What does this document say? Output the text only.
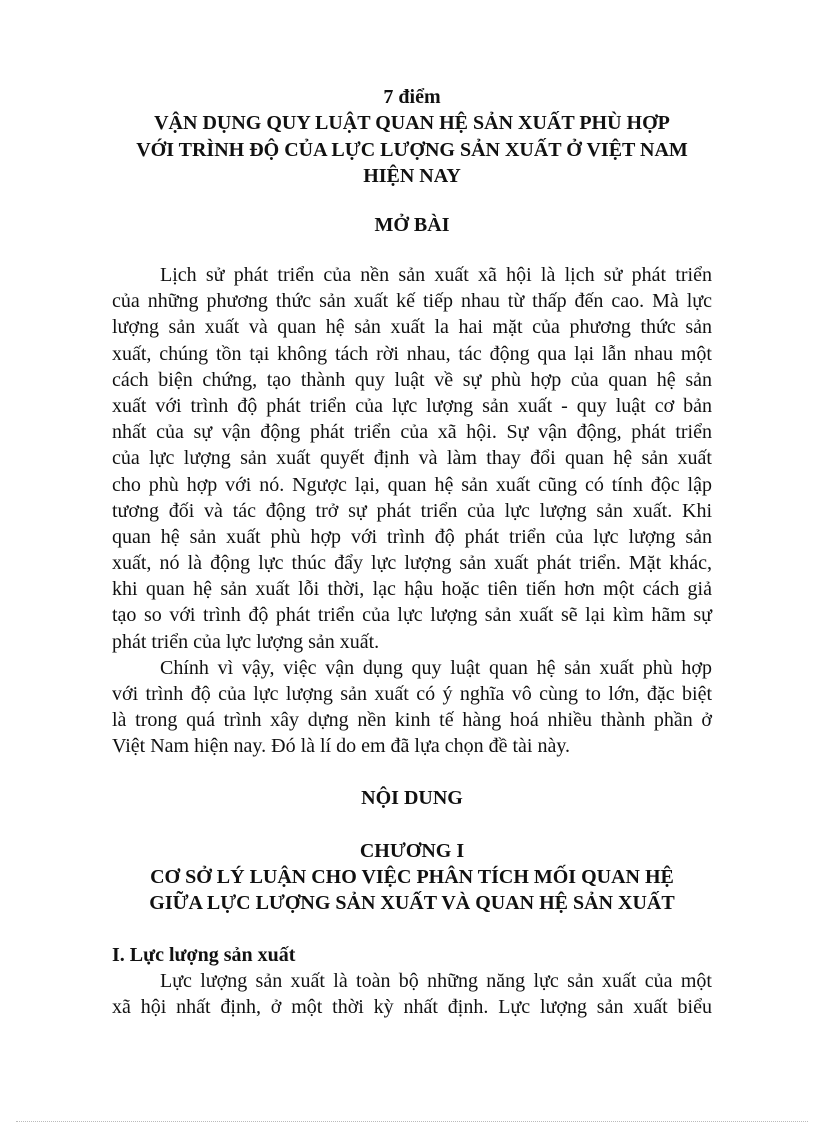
7 điểm
VẬN DỤNG QUY LUẬT QUAN HỆ SẢN XUẤT PHÙ HỢP
VỚI TRÌNH ĐỘ CỦA LỰC LƯỢNG SẢN XUẤT Ở VIỆT NAM
HIỆN NAY
MỞ BÀI
Lịch sử phát triển của nền sản xuất xã hội là lịch sử phát triển
của những phương thức sản xuất kế tiếp nhau từ thấp đến cao. Mà lực
lượng sản xuất và quan hệ sản xuất la hai mặt của phương thức sản
xuất, chúng tồn tại không tách rời nhau, tác động qua lại lẫn nhau một
cách biện chứng, tạo thành quy luật về sự phù hợp của quan hệ sản
xuất với trình độ phát triển của lực lượng sản xuất - quy luật cơ bản
nhất của sự vận động phát triển của xã hội. Sự vận động, phát triển
của lực lượng sản xuất quyết định và làm thay đổi quan hệ sản xuất
cho phù hợp với nó. Ngược lại, quan hệ sản xuất cũng có tính độc lập
tương đối và tác động trở sự phát triển của lực lượng sản xuất. Khi
quan hệ sản xuất phù hợp với trình độ phát triển của lực lượng sản
xuất, nó là động lực thúc đẩy lực lượng sản xuất phát triển. Mặt khác,
khi quan hệ sản xuất lỗi thời, lạc hậu hoặc tiên tiến hơn một cách giả
tạo so với trình độ phát triển của lực lượng sản xuất sẽ lại kìm hãm sự
phát triển của lực lượng sản xuất.
Chính vì vậy, việc vận dụng quy luật quan hệ sản xuất phù hợp
với trình độ của lực lượng sản xuất có ý nghĩa vô cùng to lớn, đặc biệt
là trong quá trình xây dựng nền kinh tế hàng hoá nhiều thành phần ở
Việt Nam hiện nay. Đó là lí do em đã lựa chọn đề tài này.
NỘI DUNG
CHƯƠNG I
CƠ SỞ LÝ LUẬN CHO VIỆC PHÂN TÍCH MỐI QUAN HỆ
GIỮA LỰC LƯỢNG SẢN XUẤT VÀ QUAN HỆ SẢN XUẤT
I. Lực lượng sản xuất
Lực lượng sản xuất là toàn bộ những năng lực sản xuất của một
xã hội nhất định, ở một thời kỳ nhất định. Lực lượng sản xuất biểu
